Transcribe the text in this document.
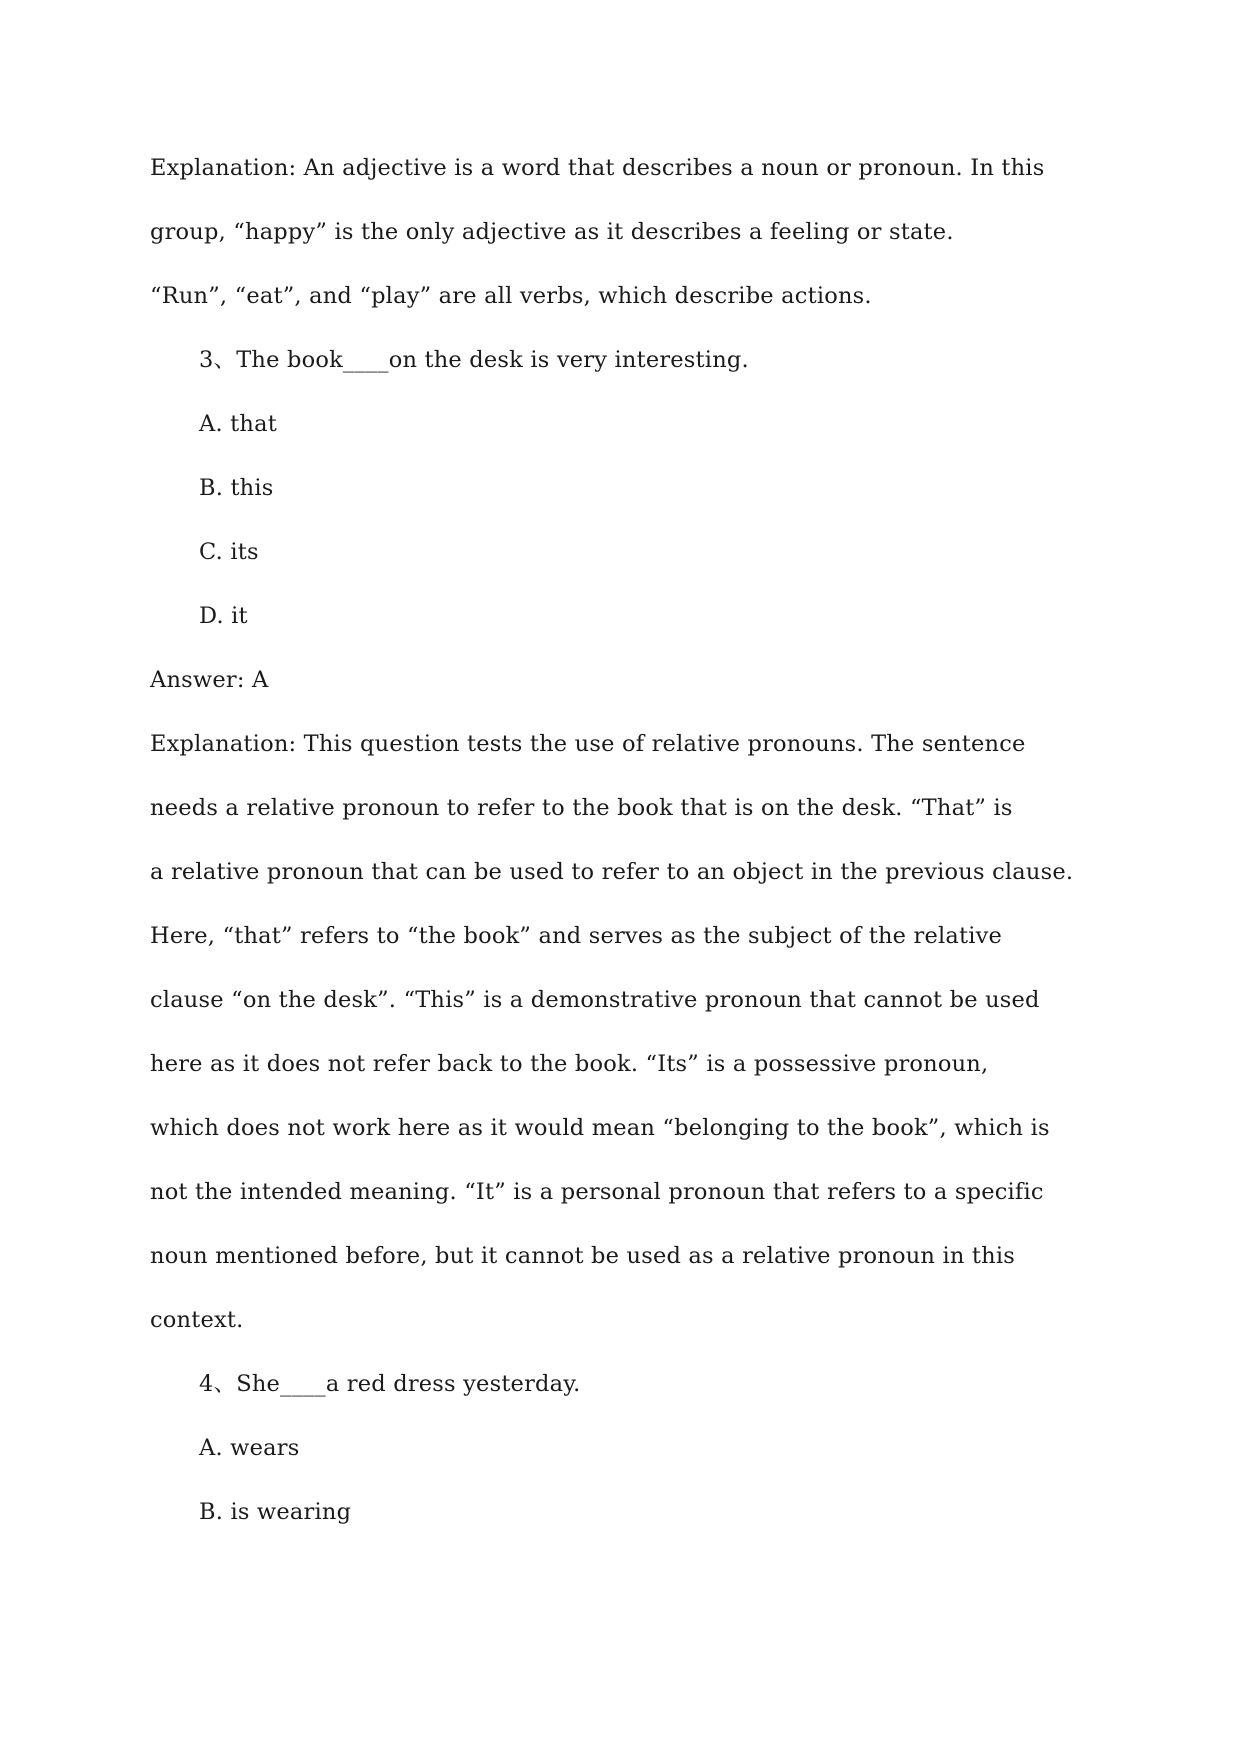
Explanation: An adjective is a word that describes a noun or pronoun. In this

group, “happy” is the only adjective as it describes a feeling or state.

“Run”, “eat”, and “play” are all verbs, which describe actions.

3、The book____on the desk is very interesting.

A. that

B. this

C. its

D. it

Answer: A

Explanation: This question tests the use of relative pronouns. The sentence

needs a relative pronoun to refer to the book that is on the desk. “That” is

a relative pronoun that can be used to refer to an object in the previous clause.

Here, “that” refers to “the book” and serves as the subject of the relative

clause “on the desk”. “This” is a demonstrative pronoun that cannot be used

here as it does not refer back to the book. “Its” is a possessive pronoun,

which does not work here as it would mean “belonging to the book”, which is

not the intended meaning. “It” is a personal pronoun that refers to a specific

noun mentioned before, but it cannot be used as a relative pronoun in this

context.

4、She____a red dress yesterday.

A. wears

B. is wearing
